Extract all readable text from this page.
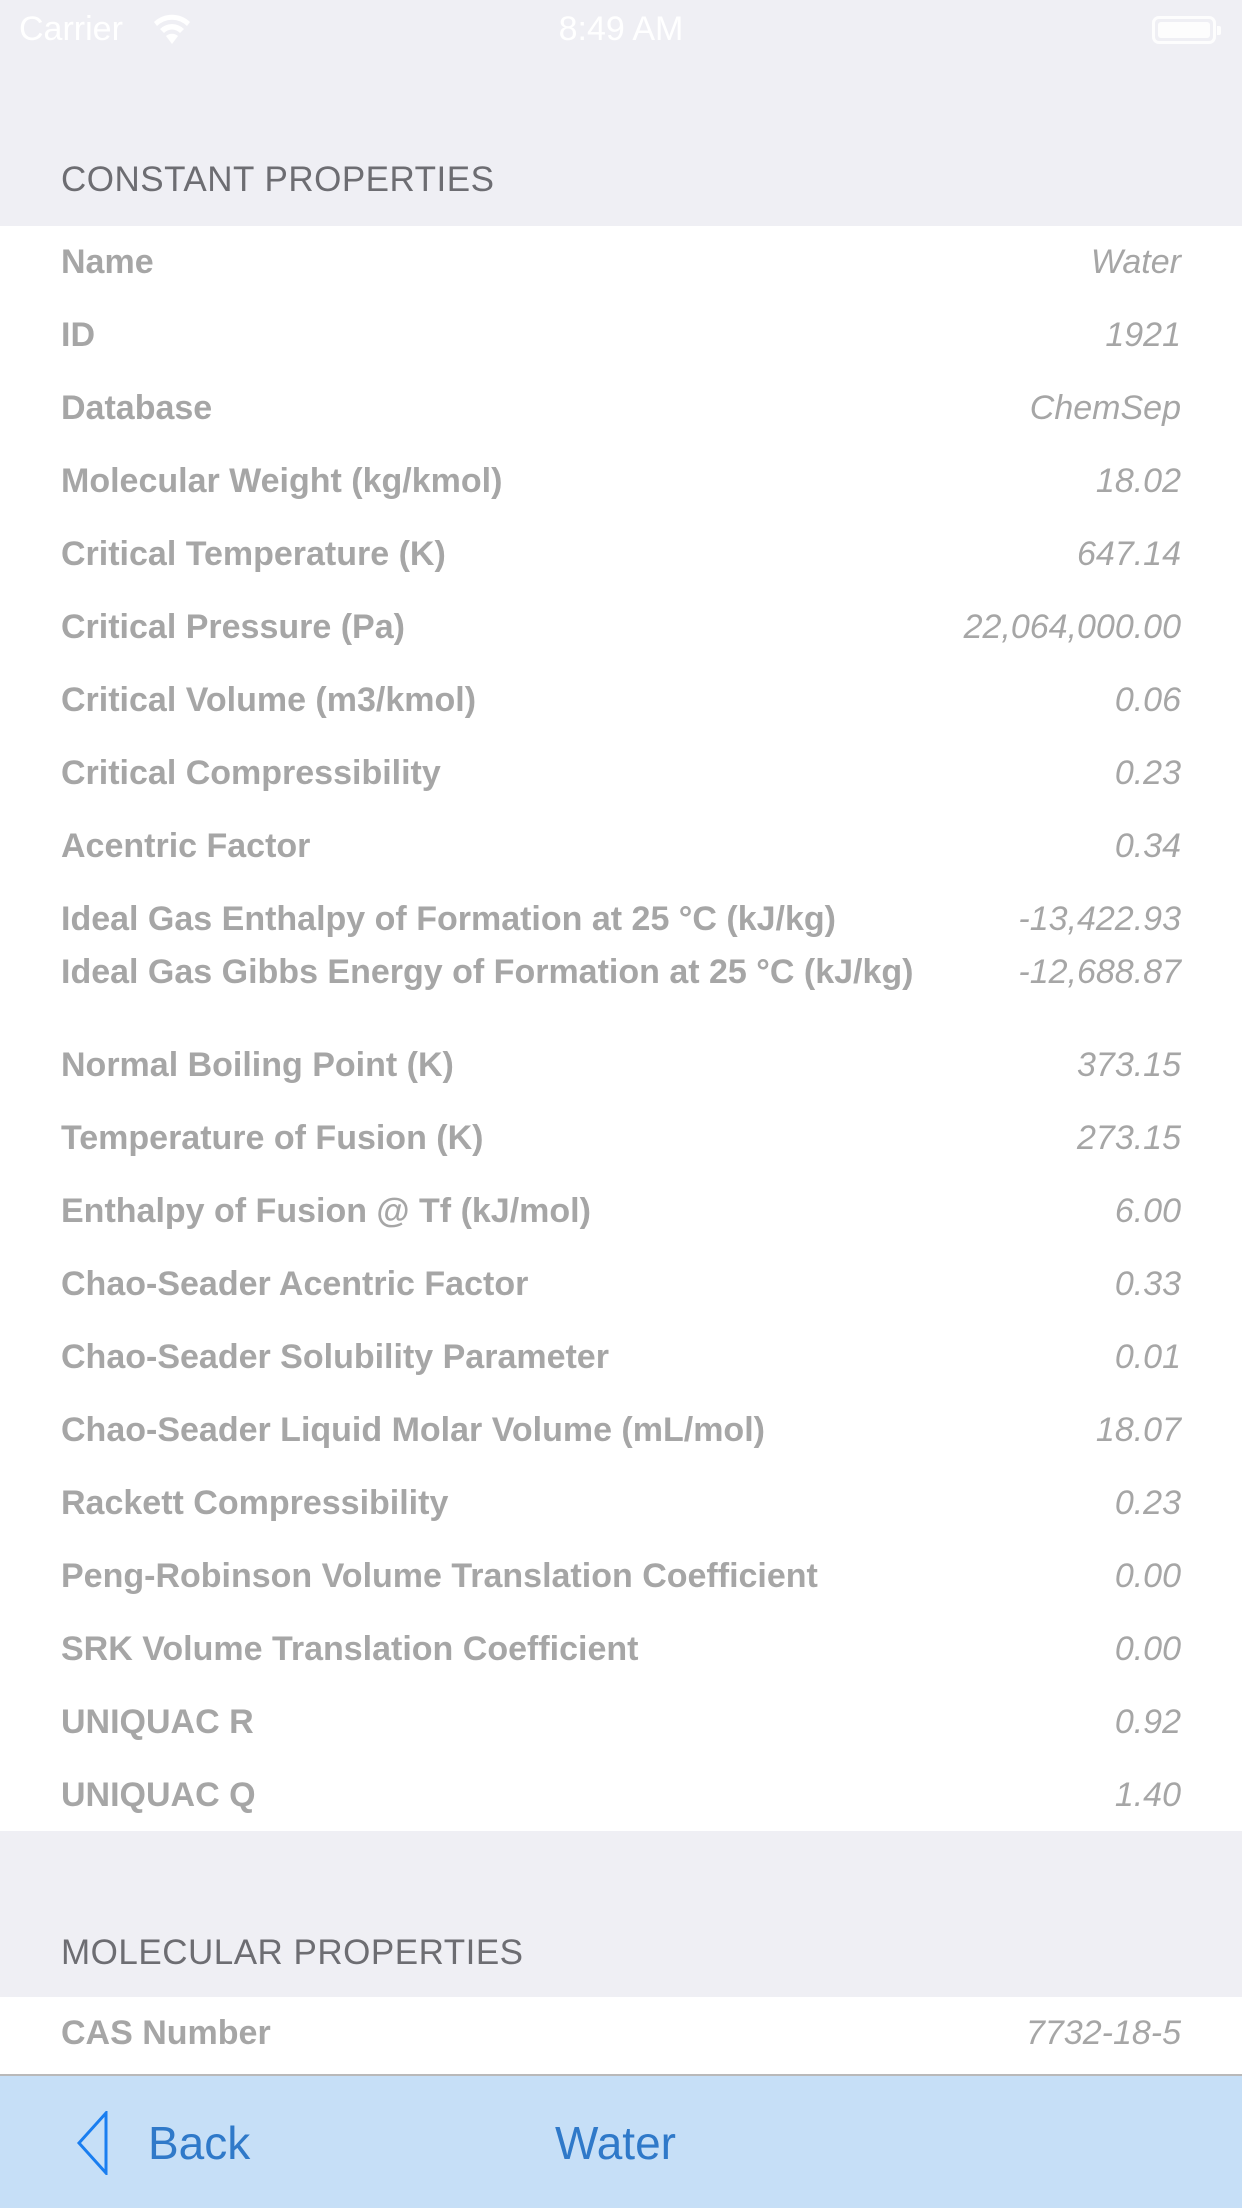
Carrier	8:49 AM
CONSTANT PROPERTIES
Name	Water
ID	1921
Database	ChemSep
Molecular Weight (kg/kmol)	18.02
Critical Temperature (K)	647.14
Critical Pressure (Pa)	22,064,000.00
Critical Volume (m3/kmol)	0.06
Critical Compressibility	0.23
Acentric Factor	0.34
Ideal Gas Enthalpy of Formation at 25 °C (kJ/kg)	-13,422.93
Ideal Gas Gibbs Energy of Formation at 25 °C (kJ/kg)	-12,688.87
Normal Boiling Point (K)	373.15
Temperature of Fusion (K)	273.15
Enthalpy of Fusion @ Tf (kJ/mol)	6.00
Chao-Seader Acentric Factor	0.33
Chao-Seader Solubility Parameter	0.01
Chao-Seader Liquid Molar Volume (mL/mol)	18.07
Rackett Compressibility	0.23
Peng-Robinson Volume Translation Coefficient	0.00
SRK Volume Translation Coefficient	0.00
UNIQUAC R	0.92
UNIQUAC Q	1.40
MOLECULAR PROPERTIES
CAS Number	7732-18-5
Back	Water
